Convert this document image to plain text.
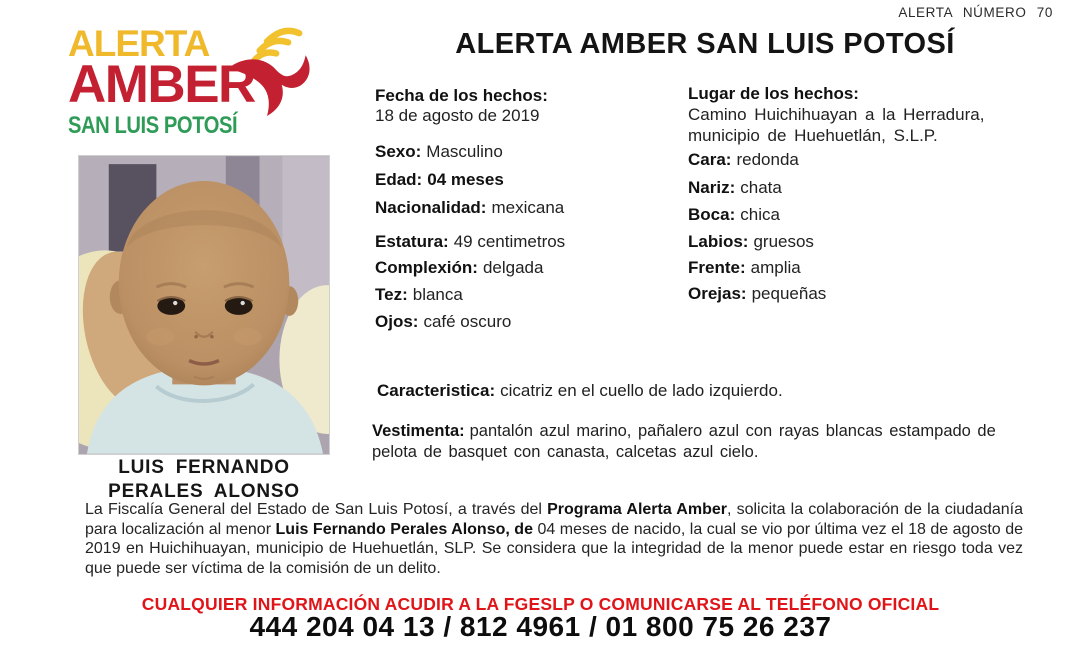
ALERTA NÚMERO 70
ALERTA
AMBER
SAN LUIS POTOSÍ
ALERTA AMBER SAN LUIS POTOSÍ
LUIS FERNANDO
PERALES ALONSO
Fecha de los hechos:
18 de agosto de 2019
Sexo: Masculino
Edad: 04 meses
Nacionalidad: mexicana
Estatura: 49 centimetros
Complexión: delgada
Tez: blanca
Ojos: café oscuro
Lugar de los hechos:
Camino Huichihuayan a la Herradura, municipio de Huehuetlán, S.L.P.
Cara: redonda
Nariz: chata
Boca: chica
Labios: gruesos
Frente: amplia
Orejas: pequeñas
Caracteristica: cicatriz en el cuello de lado izquierdo.
Vestimenta: pantalón azul marino, pañalero azul con rayas blancas estampado de pelota de basquet con canasta, calcetas azul cielo.
La Fiscalía General del Estado de San Luis Potosí, a través del Programa Alerta Amber, solicita la colaboración de la ciudadanía para localización al menor Luis Fernando Perales Alonso, de 04 meses de nacido, la cual se vio por última vez el 18 de agosto de 2019 en Huichihuayan, municipio de Huehuetlán, SLP. Se considera que la integridad de la menor puede estar en riesgo toda vez que puede ser víctima de la comisión de un delito.
CUALQUIER INFORMACIÓN ACUDIR A LA FGESLP O COMUNICARSE AL TELÉFONO OFICIAL
444 204 04 13 / 812 4961 / 01 800 75 26 237
